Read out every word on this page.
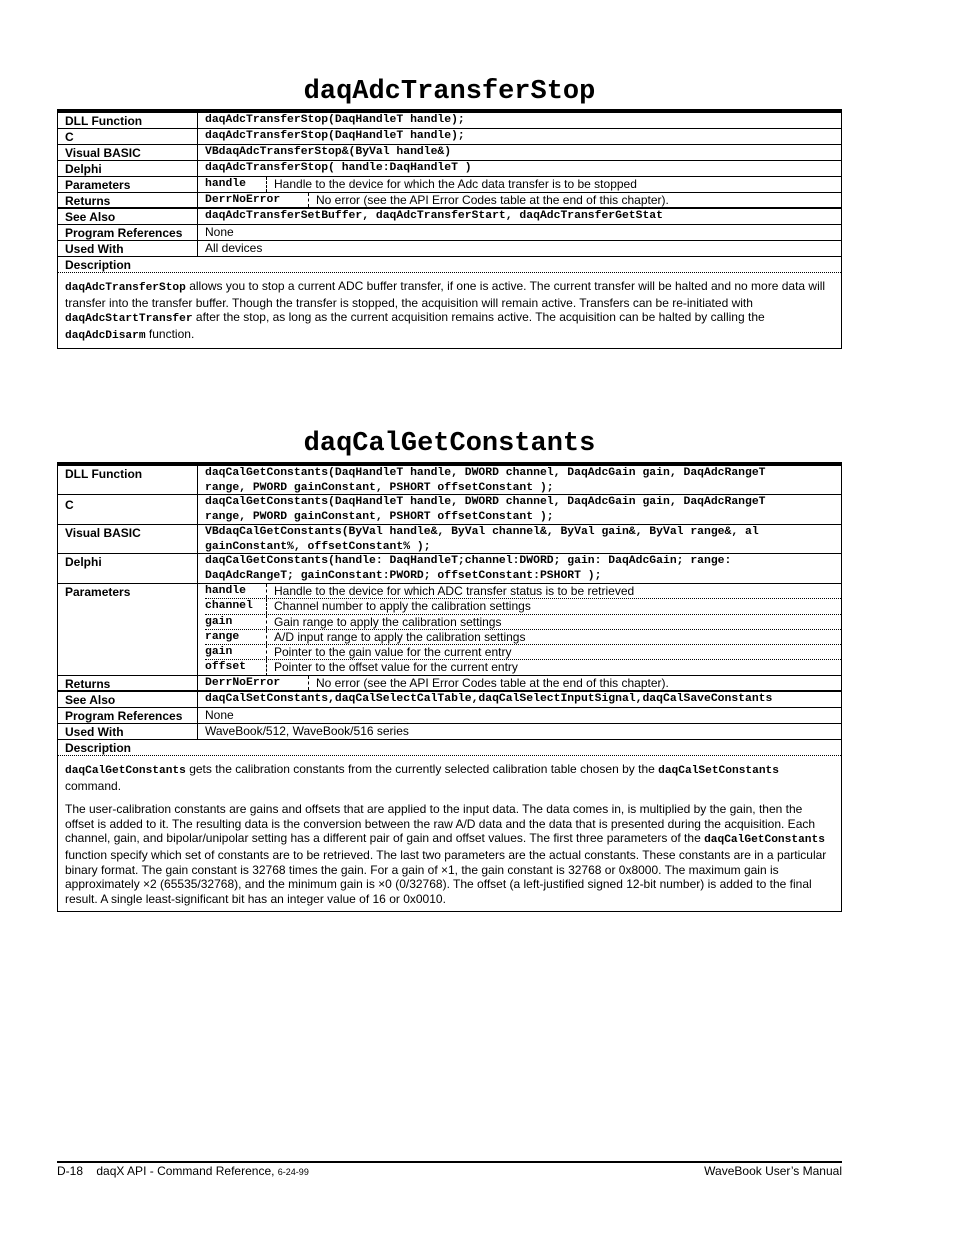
daqAdcTransferStop
DLL Function	daqAdcTransferStop(DaqHandleT handle);
C	daqAdcTransferStop(DaqHandleT handle);
Visual BASIC	VBdaqAdcTransferStop&(ByVal handle&)
Delphi	daqAdcTransferStop( handle:DaqHandleT )
Parameters	handle	Handle to the device for which the Adc data transfer is to be stopped
Returns	DerrNoError	No error (see the API Error Codes table at the end of this chapter).
See Also	daqAdcTransferSetBuffer, daqAdcTransferStart, daqAdcTransferGetStat
Program References	None
Used With	All devices
Description

daqAdcTransferStop allows you to stop a current ADC buffer transfer, if one is active. The current transfer will be halted and no more data will transfer into the transfer buffer. Though the transfer is stopped, the acquisition will remain active. Transfers can be re-initiated with daqAdcStartTransfer after the stop, as long as the current acquisition remains active. The acquisition can be halted by calling the daqAdcDisarm function.

daqCalGetConstants
DLL Function	daqCalGetConstants(DaqHandleT handle, DWORD channel, DaqAdcGain gain, DaqAdcRangeT
range, PWORD gainConstant, PSHORT offsetConstant );
C	daqCalGetConstants(DaqHandleT handle, DWORD channel, DaqAdcGain gain, DaqAdcRangeT
range, PWORD gainConstant, PSHORT offsetConstant );
Visual BASIC	VBdaqCalGetConstants(ByVal handle&, ByVal channel&, ByVal gain&, ByVal range&, al
gainConstant%, offsetConstant% );
Delphi	daqCalGetConstants(handle: DaqHandleT;channel:DWORD; gain: DaqAdcGain; range:
DaqAdcRangeT; gainConstant:PWORD; offsetConstant:PSHORT );
Parameters	handle	Handle to the device for which ADC transfer status is to be retrieved
channel	Channel number to apply the calibration settings
gain	Gain range to apply the calibration settings
range	A/D input range to apply the calibration settings
gain	Pointer to the gain value for the current entry
offset	Pointer to the offset value for the current entry
Returns	DerrNoError	No error (see the API Error Codes table at the end of this chapter).
See Also	daqCalSetConstants,daqCalSelectCalTable,daqCalSelectInputSignal,daqCalSaveConstants
Program References	None
Used With	WaveBook/512, WaveBook/516 series
Description

daqCalGetConstants gets the calibration constants from the currently selected calibration table chosen by the daqCalSetConstants command.

The user-calibration constants are gains and offsets that are applied to the input data. The data comes in, is multiplied by the gain, then the offset is added to it. The resulting data is the conversion between the raw A/D data and the data that is presented during the acquisition. Each channel, gain, and bipolar/unipolar setting has a different pair of gain and offset values. The first three parameters of the daqCalGetConstants function specify which set of constants are to be retrieved. The last two parameters are the actual constants. These constants are in a particular binary format. The gain constant is 32768 times the gain. For a gain of ×1, the gain constant is 32768 or 0x8000. The maximum gain is approximately ×2 (65535/32768), and the minimum gain is ×0 (0/32768). The offset (a left-justified signed 12-bit number) is added to the final result. A single least-significant bit has an integer value of 16 or 0x0010.

D-18 daqX API - Command Reference, 6-24-99	WaveBook User’s Manual
